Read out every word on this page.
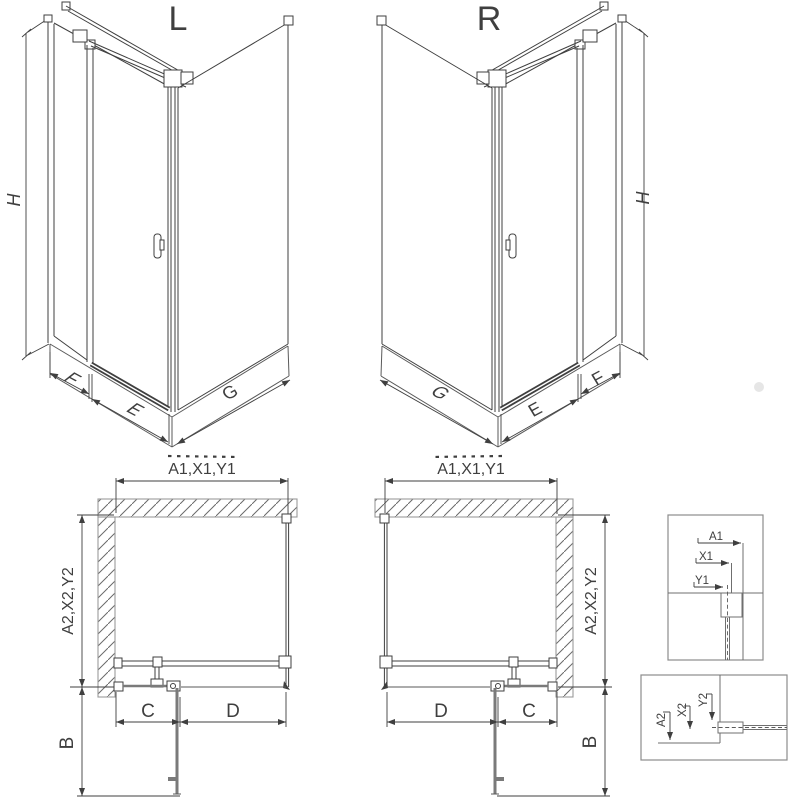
L
H
F
E
G
R
H
F
E
G
A1,X1,Y1
A2,X2,Y2
B
C	D
A1,X1,Y1
A2,X2,Y2
B
D	C
A1
X1
Y1
A2
X2
Y2
